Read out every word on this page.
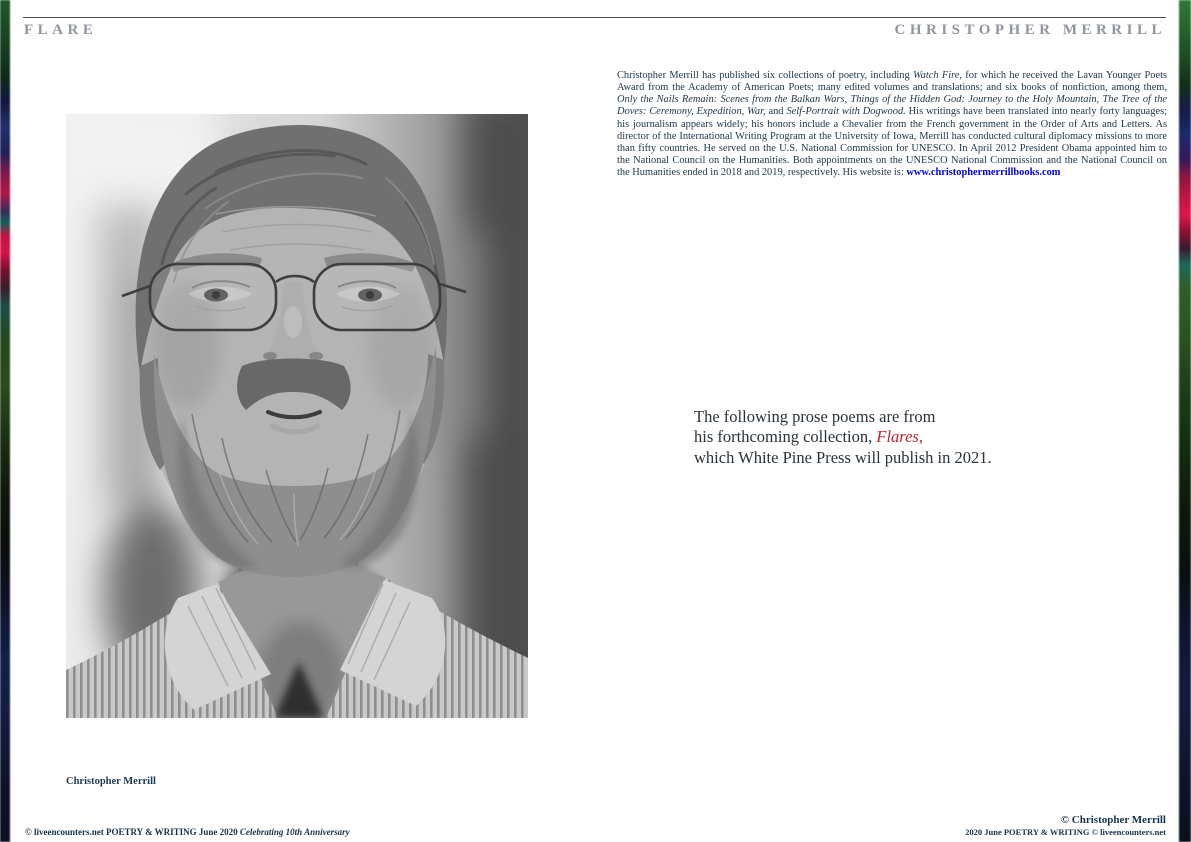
FLARE	CHRISTOPHER MERRILL
Christopher Merrill
Christopher Merrill has published six collections of poetry, including Watch Fire, for which he received the Lavan Younger Poets Award from the Academy of American Poets; many edited volumes and translations; and six books of nonfiction, among them, Only the Nails Remain: Scenes from the Balkan Wars, Things of the Hidden God: Journey to the Holy Mountain, The Tree of the Doves: Ceremony, Expedition, War, and Self-Portrait with Dogwood. His writings have been translated into nearly forty languages; his journalism appears widely; his honors include a Chevalier from the French government in the Order of Arts and Letters. As director of the International Writing Program at the University of Iowa, Merrill has conducted cultural diplomacy missions to more than fifty countries. He served on the U.S. National Commission for UNESCO. In April 2012 President Obama appointed him to the National Council on the Humanities. Both appointments on the UNESCO National Commission and the National Council on the Humanities ended in 2018 and 2019, respectively. His website is: www.christophermerrillbooks.com
The following prose poems are from
his forthcoming collection, Flares,
which White Pine Press will publish in 2021.
© liveencounters.net POETRY & WRITING June 2020 Celebrating 10th Anniversary
© Christopher Merrill
2020 June POETRY & WRITING © liveencounters.net
